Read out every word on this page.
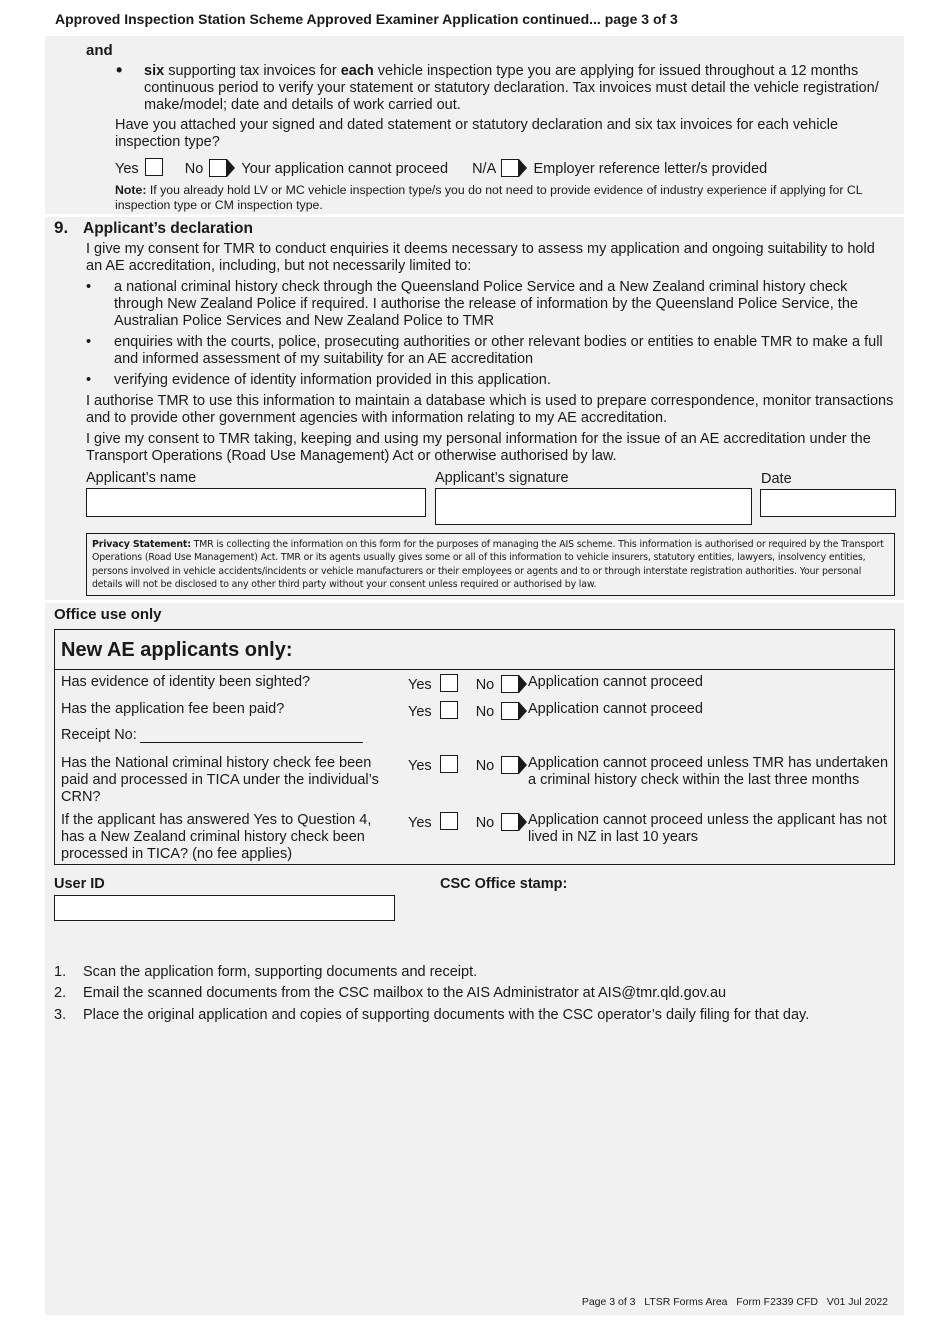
Approved Inspection Station Scheme Approved Examiner Application continued... page 3 of 3
and
• six supporting tax invoices for each vehicle inspection type you are applying for issued throughout a 12 months continuous period to verify your statement or statutory declaration. Tax invoices must detail the vehicle registration/ make/model; date and details of work carried out.
Have you attached your signed and dated statement or statutory declaration and six tax invoices for each vehicle inspection type?
Yes	No	Your application cannot proceed N/A	Employer reference letter/s provided
Note: If you already hold LV or MC vehicle inspection type/s you do not need to provide evidence of industry experience if applying for CL inspection type or CM inspection type.
9. Applicant’s declaration
I give my consent for TMR to conduct enquiries it deems necessary to assess my application and ongoing suitability to hold an AE accreditation, including, but not necessarily limited to:
• a national criminal history check through the Queensland Police Service and a New Zealand criminal history check through New Zealand Police if required. I authorise the release of information by the Queensland Police Service, the Australian Police Services and New Zealand Police to TMR
• enquiries with the courts, police, prosecuting authorities or other relevant bodies or entities to enable TMR to make a full and informed assessment of my suitability for an AE accreditation
• verifying evidence of identity information provided in this application.
I authorise TMR to use this information to maintain a database which is used to prepare correspondence, monitor transactions and to provide other government agencies with information relating to my AE accreditation.
I give my consent to TMR taking, keeping and using my personal information for the issue of an AE accreditation under the Transport Operations (Road Use Management) Act or otherwise authorised by law.
Applicant’s name	Applicant’s signature	Date
Privacy Statement: TMR is collecting the information on this form for the purposes of managing the AIS scheme. This information is authorised or required by the Transport Operations (Road Use Management) Act. TMR or its agents usually gives some or all of this information to vehicle insurers, statutory entities, lawyers, insolvency entities, persons involved in vehicle accidents/incidents or vehicle manufacturers or their employees or agents and to or through interstate registration authorities. Your personal details will not be disclosed to any other third party without your consent unless required or authorised by law.
Office use only
New AE applicants only:
Has evidence of identity been sighted?	Yes	No	Application cannot proceed
Has the application fee been paid?	Yes	No	Application cannot proceed
Receipt No:
Has the National criminal history check fee been paid and processed in TICA under the individual’s CRN?
Yes	No	Application cannot proceed unless TMR has undertaken a criminal history check within the last three months
If the applicant has answered Yes to Question 4, has a New Zealand criminal history check been processed in TICA? (no fee applies)
Yes	No	Application cannot proceed unless the applicant has not lived in NZ in last 10 years
User ID	CSC Office stamp:
1. Scan the application form, supporting documents and receipt.
2. Email the scanned documents from the CSC mailbox to the AIS Administrator at AIS@tmr.qld.gov.au
3. Place the original application and copies of supporting documents with the CSC operator’s daily filing for that day.
Page 3 of 3   LTSR Forms Area   Form F2339 CFD   V01 Jul 2022
